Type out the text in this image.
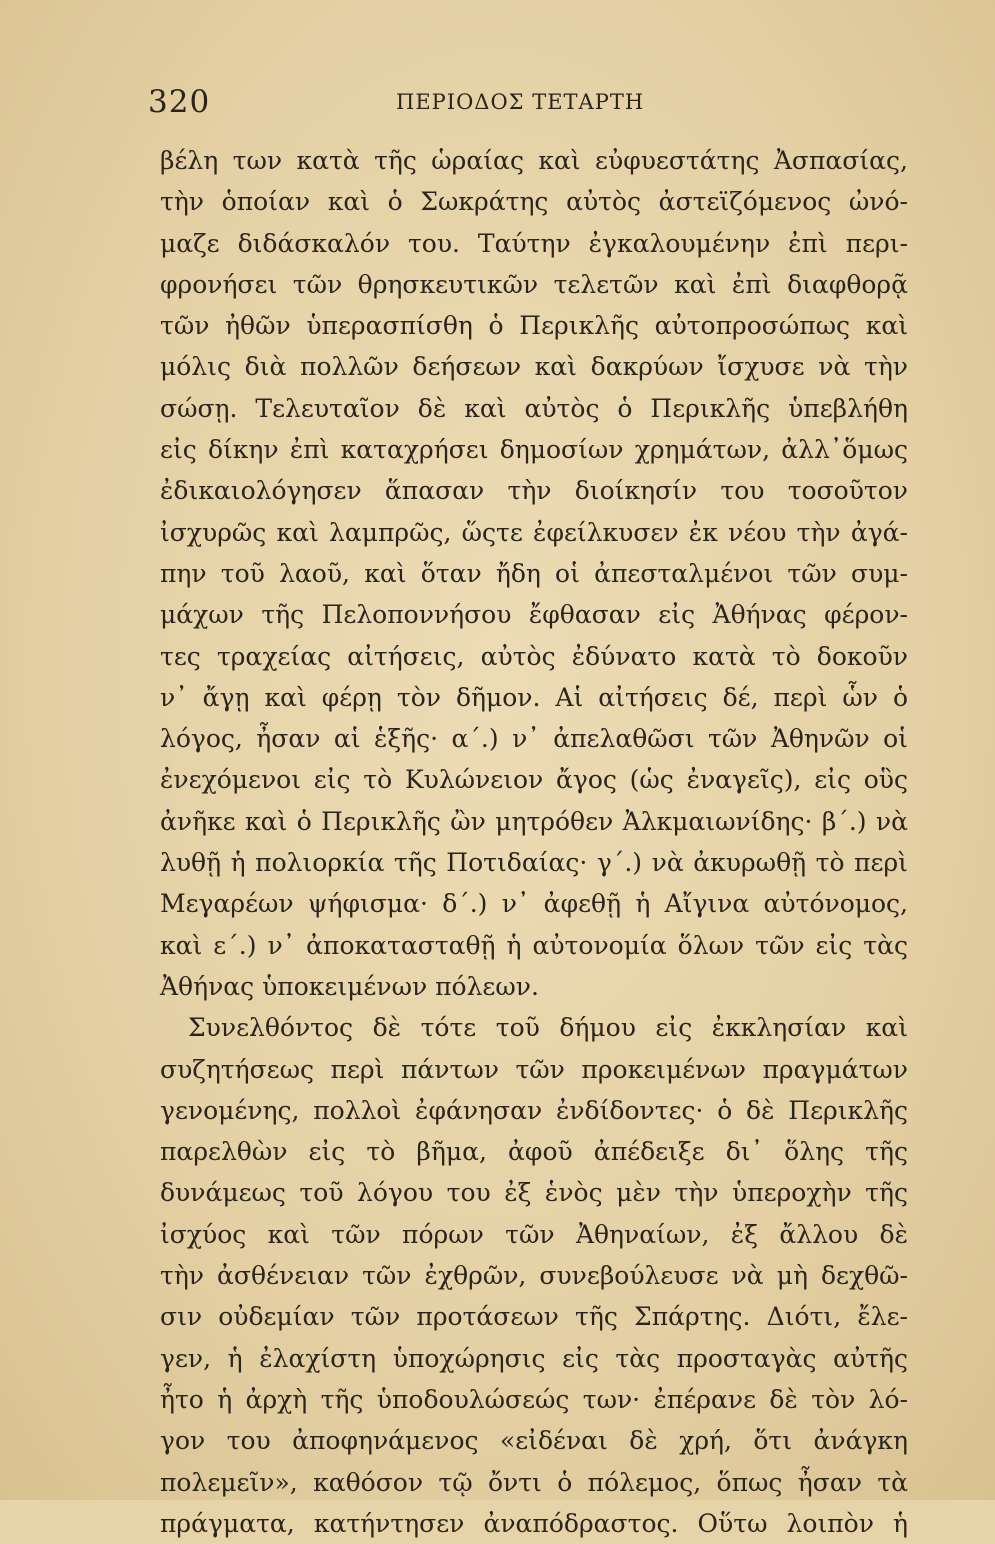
320	ΠΕΡΙΟΔΟΣ ΤΕΤΑΡΤΗ
βέλη των κατὰ τῆς ὡραίας καὶ εὐφυεστάτης Ἀσπασίας,
τὴν ὁποίαν καὶ ὁ Σωκράτης αὐτὸς ἀστεϊζόμενος ὠνό-
μαζε διδάσκαλόν του. Ταύτην ἐγκαλουμένην ἐπὶ περι-
φρονήσει τῶν θρησκευτικῶν τελετῶν καὶ ἐπὶ διαφθορᾷ
τῶν ἠθῶν ὑπερασπίσθη ὁ Περικλῆς αὐτοπροσώπως καὶ
μόλις διὰ πολλῶν δεήσεων καὶ δακρύων ἴσχυσε νὰ τὴν
σώσῃ. Τελευταῖον δὲ καὶ αὐτὸς ὁ Περικλῆς ὑπεβλήθη
εἰς δίκην ἐπὶ καταχρήσει δημοσίων χρημάτων, ἀλλ᾽ὅμως
ἐδικαιολόγησεν ἅπασαν τὴν διοίκησίν του τοσοῦτον
ἰσχυρῶς καὶ λαμπρῶς, ὥςτε ἐφείλκυσεν ἐκ νέου τὴν ἀγά-
πην τοῦ λαοῦ, καὶ ὅταν ἤδη οἱ ἀπεσταλμένοι τῶν συμ-
μάχων τῆς Πελοποννήσου ἔφθασαν εἰς Ἀθήνας φέρον-
τες τραχείας αἰτήσεις, αὐτὸς ἐδύνατο κατὰ τὸ δοκοῦν
ν᾽ ἄγῃ καὶ φέρῃ τὸν δῆμον. Αἱ αἰτήσεις δέ, περὶ ὧν ὁ
λόγος, ἦσαν αἱ ἑξῆς· α΄.) ν᾽ ἀπελαθῶσι τῶν Ἀθηνῶν οἱ
ἐνεχόμενοι εἰς τὸ Κυλώνειον ἄγος (ὡς ἐναγεῖς), εἰς οὓς
ἀνῆκε καὶ ὁ Περικλῆς ὢν μητρόθεν Ἀλκμαιωνίδης· β΄.) νὰ
λυθῇ ἡ πολιορκία τῆς Ποτιδαίας· γ΄.) νὰ ἀκυρωθῇ τὸ περὶ
Μεγαρέων ψήφισμα· δ΄.) ν᾽ ἀφεθῇ ἡ Αἴγινα αὐτόνομος,
καὶ ε΄.) ν᾽ ἀποκατασταθῇ ἡ αὐτονομία ὅλων τῶν εἰς τὰς
Ἀθήνας ὑποκειμένων πόλεων.
Συνελθόντος δὲ τότε τοῦ δήμου εἰς ἐκκλησίαν καὶ
συζητήσεως περὶ πάντων τῶν προκειμένων πραγμάτων
γενομένης, πολλοὶ ἐφάνησαν ἐνδίδοντες· ὁ δὲ Περικλῆς
παρελθὼν εἰς τὸ βῆμα, ἀφοῦ ἀπέδειξε δι᾽ ὅλης τῆς
δυνάμεως τοῦ λόγου του ἐξ ἑνὸς μὲν τὴν ὑπεροχὴν τῆς
ἰσχύος καὶ τῶν πόρων τῶν Ἀθηναίων, ἐξ ἄλλου δὲ
τὴν ἀσθένειαν τῶν ἐχθρῶν, συνεβούλευσε νὰ μὴ δεχθῶ-
σιν οὐδεμίαν τῶν προτάσεων τῆς Σπάρτης. Διότι, ἔλε-
γεν, ἡ ἐλαχίστη ὑποχώρησις εἰς τὰς προσταγὰς αὐτῆς
ἦτο ἡ ἀρχὴ τῆς ὑποδουλώσεώς των· ἐπέρανε δὲ τὸν λό-
γον του ἀποφηνάμενος «εἰδέναι δὲ χρή, ὅτι ἀνάγκη
πολεμεῖν», καθόσον τῷ ὄντι ὁ πόλεμος, ὅπως ἦσαν τὰ
πράγματα, κατήντησεν ἀναπόδραστος. Οὕτω λοιπὸν ἡ
